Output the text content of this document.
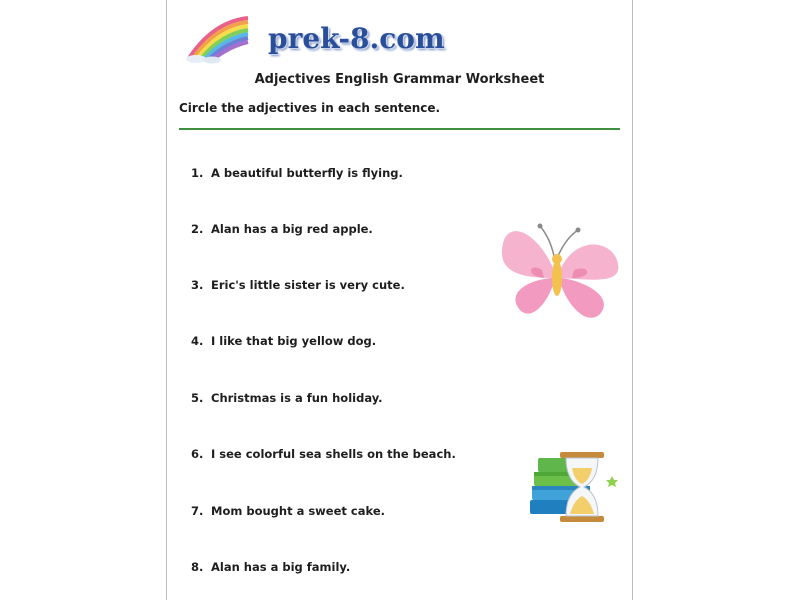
prek-8.com
Adjectives English Grammar Worksheet
Circle the adjectives in each sentence.
1. A beautiful butterfly is flying.
2. Alan has a big red apple.
3. Eric's little sister is very cute.
4. I like that big yellow dog.
5. Christmas is a fun holiday.
6. I see colorful sea shells on the beach.
7. Mom bought a sweet cake.
8. Alan has a big family.
